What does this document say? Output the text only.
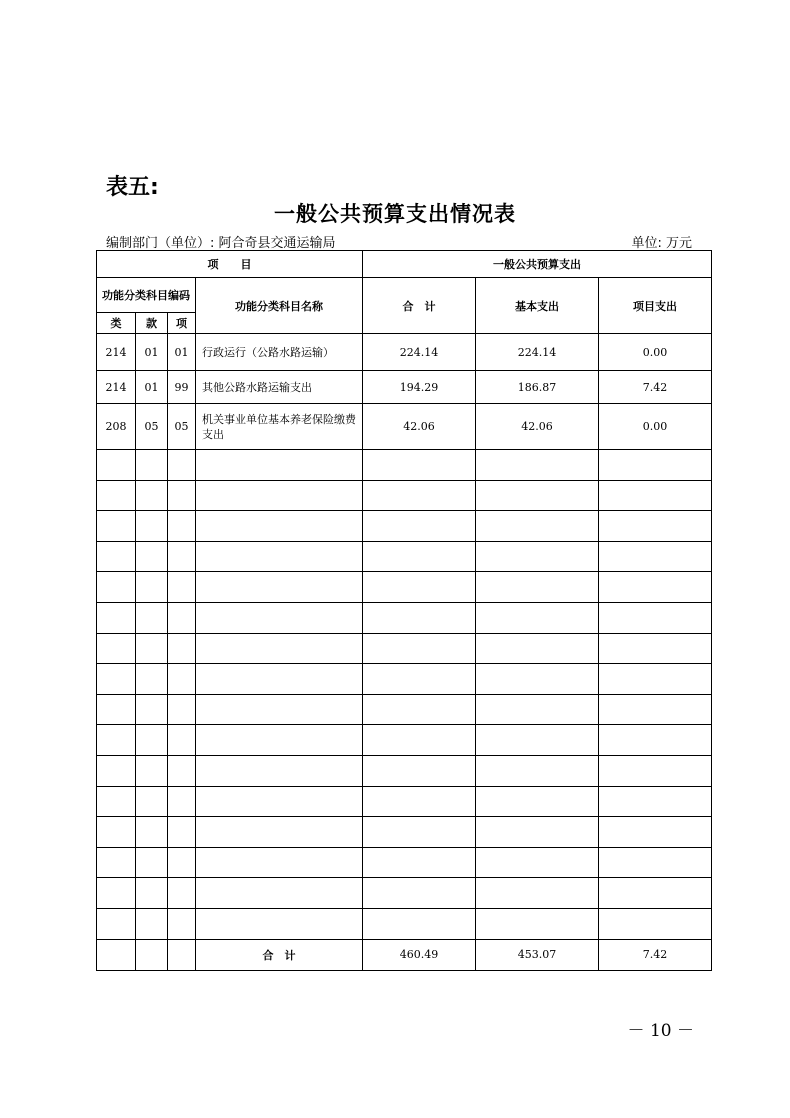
表五:
一般公共预算支出情况表
编制部门（单位）: 阿合奇县交通运输局	单位: 万元
项　　目				一般公共预算支出		
功能分类科目编码			功能分类科目名称	合　计	基本支出	项目支出
类	款	项				
214	01	01	行政运行（公路水路运输）	224.14	224.14	0.00
214	01	99	其他公路水路运输支出	194.29	186.87	7.42
208	05	05	机关事业单位基本养老保险缴费支出	42.06	42.06	0.00

			合　计	460.49	453.07	7.42
－ 10 －
